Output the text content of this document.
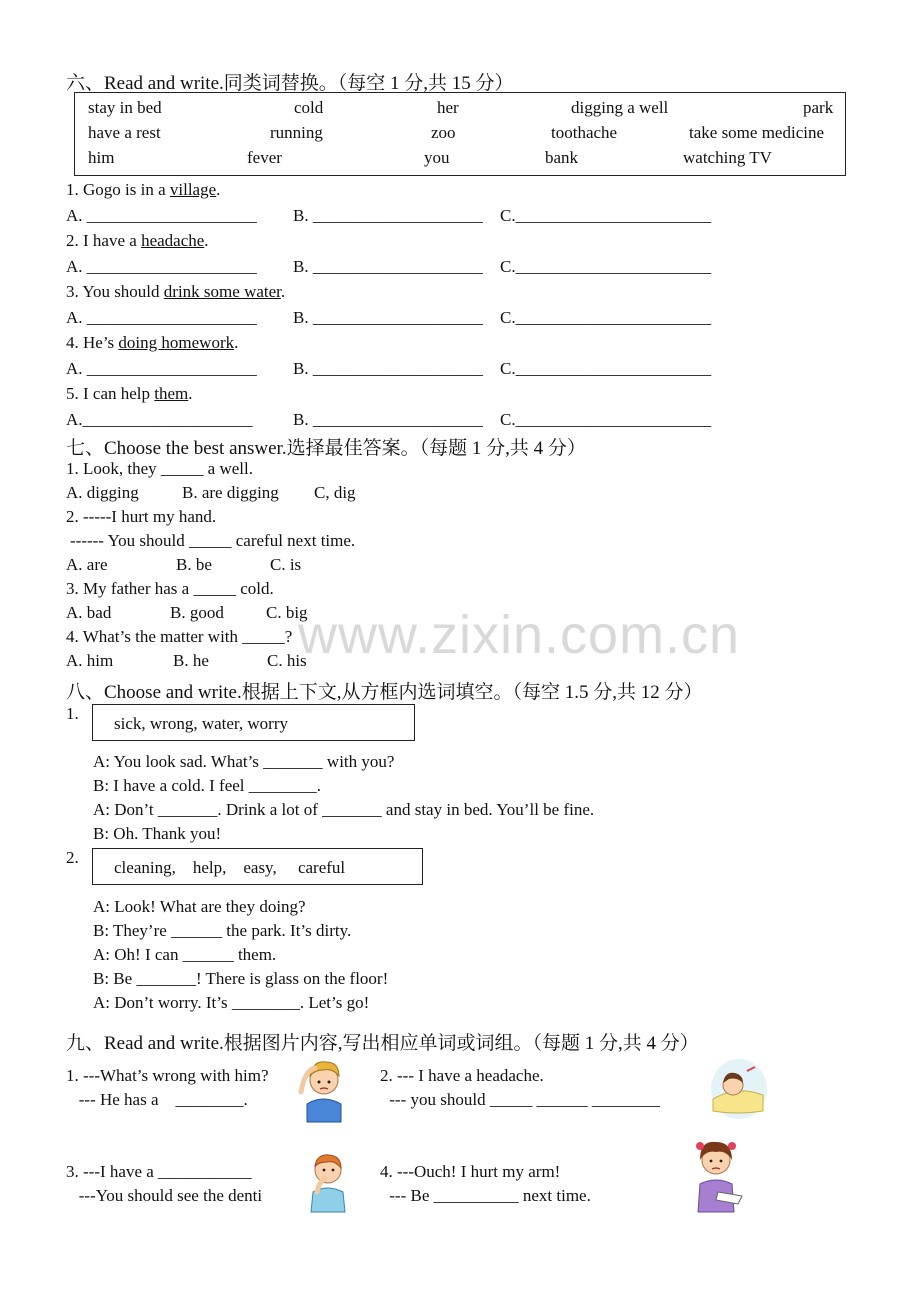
www.zixin.com.cn
六、Read and write.同类词替换。（每空 1 分,共 15 分）
stay in bed	cold	her	digging a well	park
have a rest	running	zoo	toothache	take some medicine
him	fever	you	bank	watching TV
1. Gogo is in a village.
A. ____________________ B. ____________________ C._______________________
2. I have a headache.
A. ____________________ B. ____________________ C._______________________
3. You should drink some water.
A. ____________________ B. ____________________ C._______________________
4. He’s doing homework.
A. ____________________ B. ____________________ C._______________________
5. I can help them.
A.____________________ B. ____________________ C._______________________
七、Choose the best answer.选择最佳答案。（每题 1 分,共 4 分）
1. Look, they _____ a well.
A. digging	B. are digging C, dig
2. -----I hurt my hand.
------ You should _____ careful next time.
A. are	B. be	C. is
3. My father has a _____ cold.
A. bad	B. good C. big
4. What’s the matter with _____?
A. him	B. he	C. his
八、Choose and write.根据上下文,从方框内选词填空。（每空 1.5 分,共 12 分）
1.
sick, wrong, water, worry
A: You look sad. What’s _______ with you?
B: I have a cold. I feel ________.
A: Don’t _______. Drink a lot of _______ and stay in bed. You’ll be fine.
B: Oh. Thank you!
2.
cleaning,    help,    easy,     careful
A: Look! What are they doing?
B: They’re ______ the park. It’s dirty.
A: Oh! I can ______ them.
B: Be _______! There is glass on the floor!
A: Don’t worry. It’s ________. Let’s go!
九、Read and write.根据图片内容,写出相应单词或词组。（每题 1 分,共 4 分）
1. ---What’s wrong with him?
--- He has a    ________.
2. --- I have a headache.
--- you should _____ ______ ________
3. ---I have a ___________
---You should see the denti
4. ---Ouch! I hurt my arm!
--- Be __________ next time.
